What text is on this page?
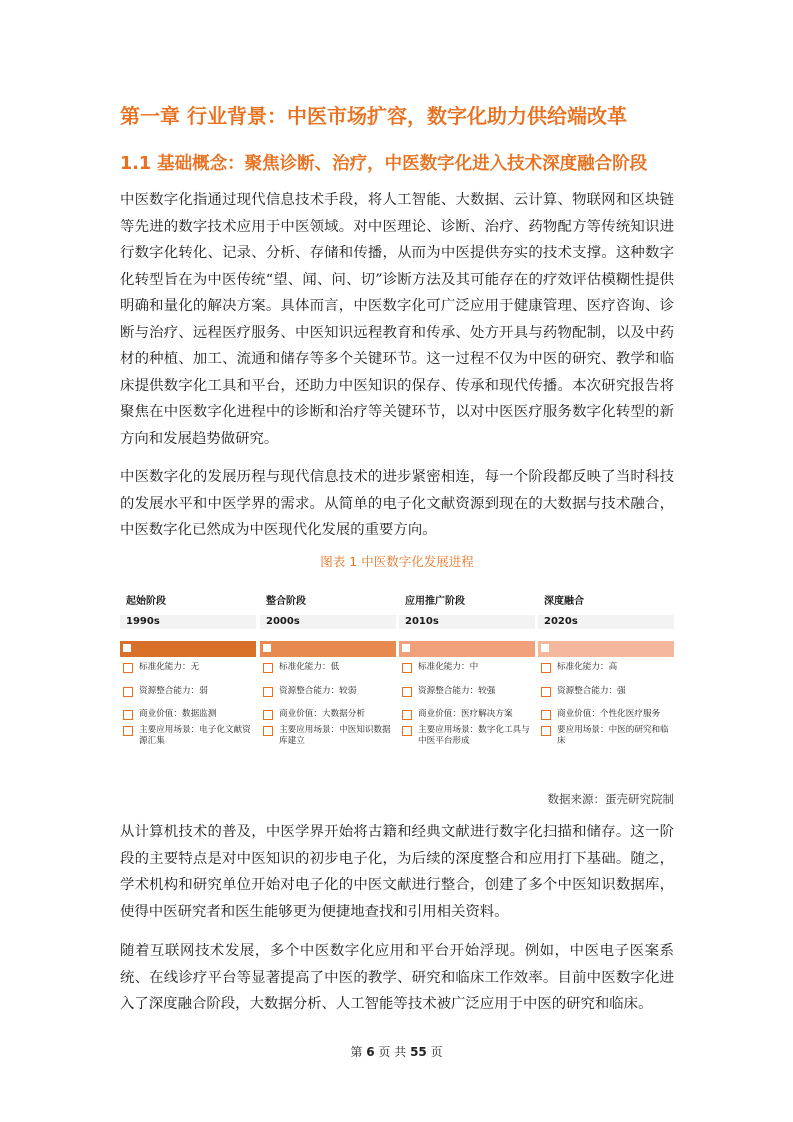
第一章 行业背景：中医市场扩容，数字化助力供给端改革
1.1 基础概念：聚焦诊断、治疗，中医数字化进入技术深度融合阶段

中医数字化指通过现代信息技术手段，将人工智能、大数据、云计算、物联网和区块链等先进的数字技术应用于中医领域。对中医理论、诊断、治疗、药物配方等传统知识进行数字化转化、记录、分析、存储和传播，从而为中医提供夯实的技术支撑。这种数字化转型旨在为中医传统“望、闻、问、切”诊断方法及其可能存在的疗效评估模糊性提供明确和量化的解决方案。具体而言，中医数字化可广泛应用于健康管理、医疗咨询、诊断与治疗、远程医疗服务、中医知识远程教育和传承、处方开具与药物配制，以及中药材的种植、加工、流通和储存等多个关键环节。这一过程不仅为中医的研究、教学和临床提供数字化工具和平台，还助力中医知识的保存、传承和现代传播。本次研究报告将聚焦在中医数字化进程中的诊断和治疗等关键环节，以对中医医疗服务数字化转型的新方向和发展趋势做研究。

中医数字化的发展历程与现代信息技术的进步紧密相连，每一个阶段都反映了当时科技的发展水平和中医学界的需求。从简单的电子化文献资源到现在的大数据与技术融合，中医数字化已然成为中医现代化发展的重要方向。

图表 1 中医数字化发展进程
起始阶段
1990s
标准化能力：无
资源整合能力：弱
商业价值：数据监测
主要应用场景：电子化文献资源汇集
整合阶段
2000s
标准化能力：低
资源整合能力：较弱
商业价值：大数据分析
主要应用场景：中医知识数据库建立
应用推广阶段
2010s
标准化能力：中
资源整合能力：较强
商业价值：医疗解决方案
主要应用场景：数字化工具与中医平台形成
深度融合
2020s
标准化能力：高
资源整合能力：强
商业价值：个性化医疗服务
要应用场景：中医的研究和临床
数据来源：蛋壳研究院制

从计算机技术的普及，中医学界开始将古籍和经典文献进行数字化扫描和储存。这一阶段的主要特点是对中医知识的初步电子化，为后续的深度整合和应用打下基础。随之，学术机构和研究单位开始对电子化的中医文献进行整合，创建了多个中医知识数据库，使得中医研究者和医生能够更为便捷地查找和引用相关资料。

随着互联网技术发展，多个中医数字化应用和平台开始浮现。例如，中医电子医案系统、在线诊疗平台等显著提高了中医的教学、研究和临床工作效率。目前中医数字化进入了深度融合阶段，大数据分析、人工智能等技术被广泛应用于中医的研究和临床。

第 6 页 共 55 页
